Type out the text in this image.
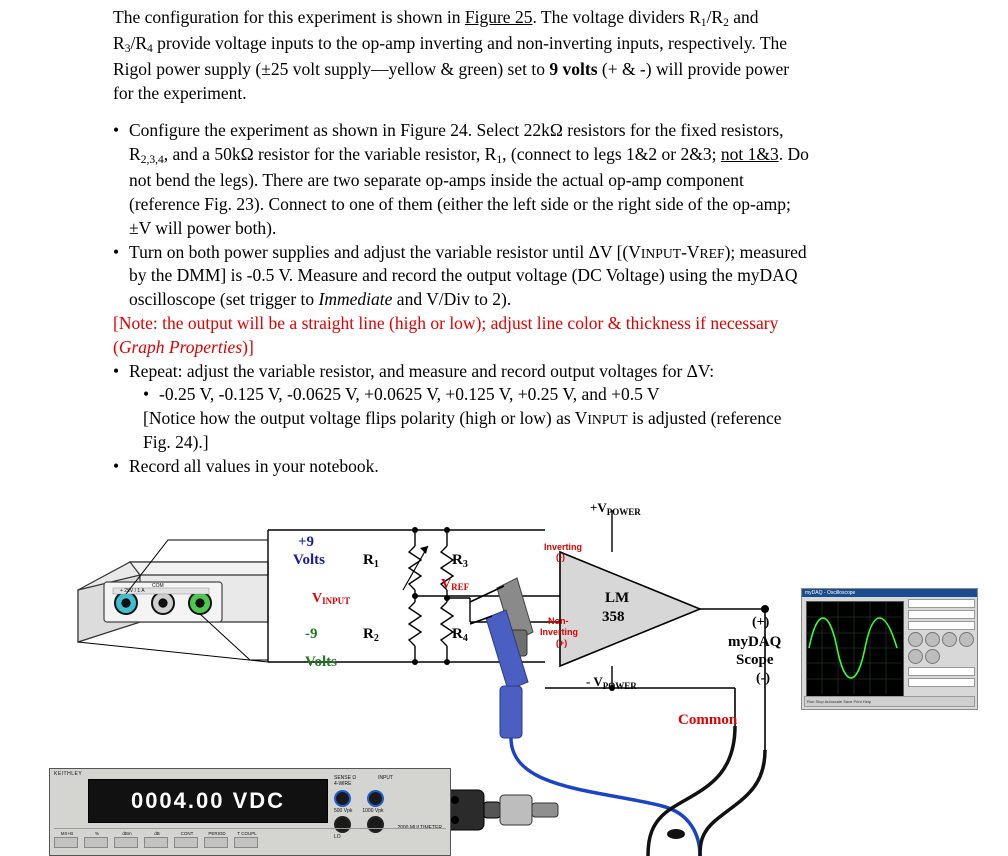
The configuration for this experiment is shown in Figure 25. The voltage dividers $R_1/R_2$ and
$R_3/R_4$ provide voltage inputs to the op-amp inverting and non-inverting inputs, respectively. The
Rigol power supply (±25 volt supply—yellow & green) set to 9 volts (+ & -) will provide power
for the experiment.
• Configure the experiment as shown in Figure 24. Select 22kΩ resistors for the fixed resistors,
$R_{2,3,4}$, and a 50kΩ resistor for the variable resistor, $R_1$, (connect to legs 1&2 or 2&3; not 1&3. Do
not bend the legs). There are two separate op-amps inside the actual op-amp component
(reference Fig. 23). Connect to one of them (either the left side or the right side of the op-amp;
±V will power both).
• Turn on both power supplies and adjust the variable resistor until ΔV [(VINPUT-VREF); measured
by the DMM] is -0.5 V. Measure and record the output voltage (DC Voltage) using the myDAQ
oscilloscope (set trigger to Immediate and V/Div to 2).
[Note: the output will be a straight line (high or low); adjust line color & thickness if necessary
(Graph Properties)]
• Repeat: adjust the variable resistor, and measure and record output voltages for ΔV:
• -0.25 V, -0.125 V, -0.0625 V, +0.0625 V, +0.125 V, +0.25 V, and +0.5 V
[Notice how the output voltage flips polarity (high or low) as VINPUT is adjusted (reference
Fig. 24).]
• Record all values in your notebook.
+ 25V / 1 A
COM
LM
358
$+V_{POWER}$
- $V_{POWER}$
+9
Volts
-9
Volts
$R_1$
$R_2$
$R_3$
$R_4$
VINPUT
VREF
Inverting
(-)
Non-
Inverting
(+)
(+)
myDAQ
Scope
(-)
Common
myDAQ - Oscilloscope
Run Stop Autoscale Save Print Help
KEITHLEY
0004.00 VDC
SENSE Ω
4-WIRE
INPUT
500 Vpk 1000 Vpk
LO
2000 MULTIMETER
MX+B	%	dBm	dB	CONT	PERIOD	T COUPL
